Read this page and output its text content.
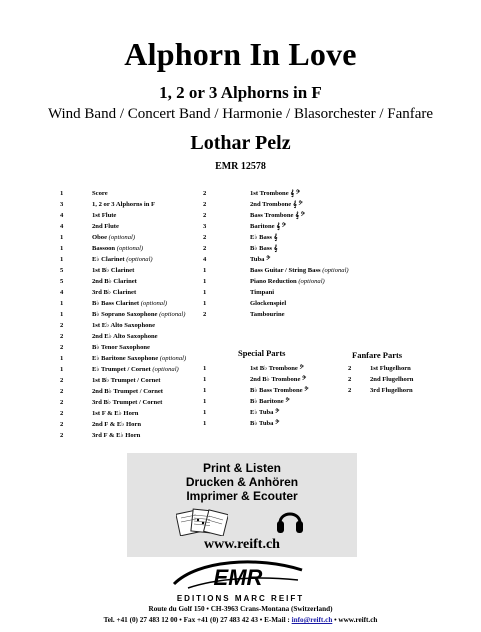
Alphorn In Love
1, 2 or 3 Alphorns in F
Wind Band / Concert Band / Harmonie / Blasorchester / Fanfare
Lothar Pelz
EMR 12578
1	Score
3	1, 2 or 3 Alphorns in F
4	1st Flute
4	2nd Flute
1	Oboe (optional)
1	Bassoon (optional)
1	E♭ Clarinet (optional)
5	1st B♭ Clarinet
5	2nd B♭ Clarinet
4	3rd B♭ Clarinet
1	B♭ Bass Clarinet (optional)
1	B♭ Soprano Saxophone (optional)
2	1st E♭ Alto Saxophone
2	2nd E♭ Alto Saxophone
2	B♭ Tenor Saxophone
1	E♭ Baritone Saxophone (optional)
1	E♭ Trumpet / Cornet (optional)
2	1st B♭ Trumpet / Cornet
2	2nd B♭ Trumpet / Cornet
2	3rd B♭ Trumpet / Cornet
2	1st F & E♭ Horn
2	2nd F & E♭ Horn
2	3rd F & E♭ Horn
2	1st Trombone 𝄞 𝄢
2	2nd Trombone 𝄞 𝄢
2	Bass Trombone 𝄞 𝄢
3	Baritone 𝄞 𝄢
2	E♭ Bass 𝄞
2	B♭ Bass 𝄞
4	Tuba 𝄢
1	Bass Guitar / String Bass (optional)
1	Piano Reduction (optional)
1	Timpani
1	Glockenspiel
2	Tambourine
Special Parts
1	1st B♭ Trombone 𝄢
1	2nd B♭ Trombone 𝄢
1	B♭ Bass Trombone 𝄢
1	B♭ Baritone 𝄢
1	E♭ Tuba 𝄢
1	B♭ Tuba 𝄢
Fanfare Parts
2	1st Flugelhorn
2	2nd Flugelhorn
2	3rd Flugelhorn
Print & Listen
Drucken & Anhören
Imprimer & Ecouter
www.reift.ch
EMR
EDITIONS MARC REIFT
Route du Golf 150 • CH-3963 Crans-Montana (Switzerland)
Tel. +41 (0) 27 483 12 00 • Fax +41 (0) 27 483 42 43 • E-Mail : info@reift.ch • www.reift.ch
